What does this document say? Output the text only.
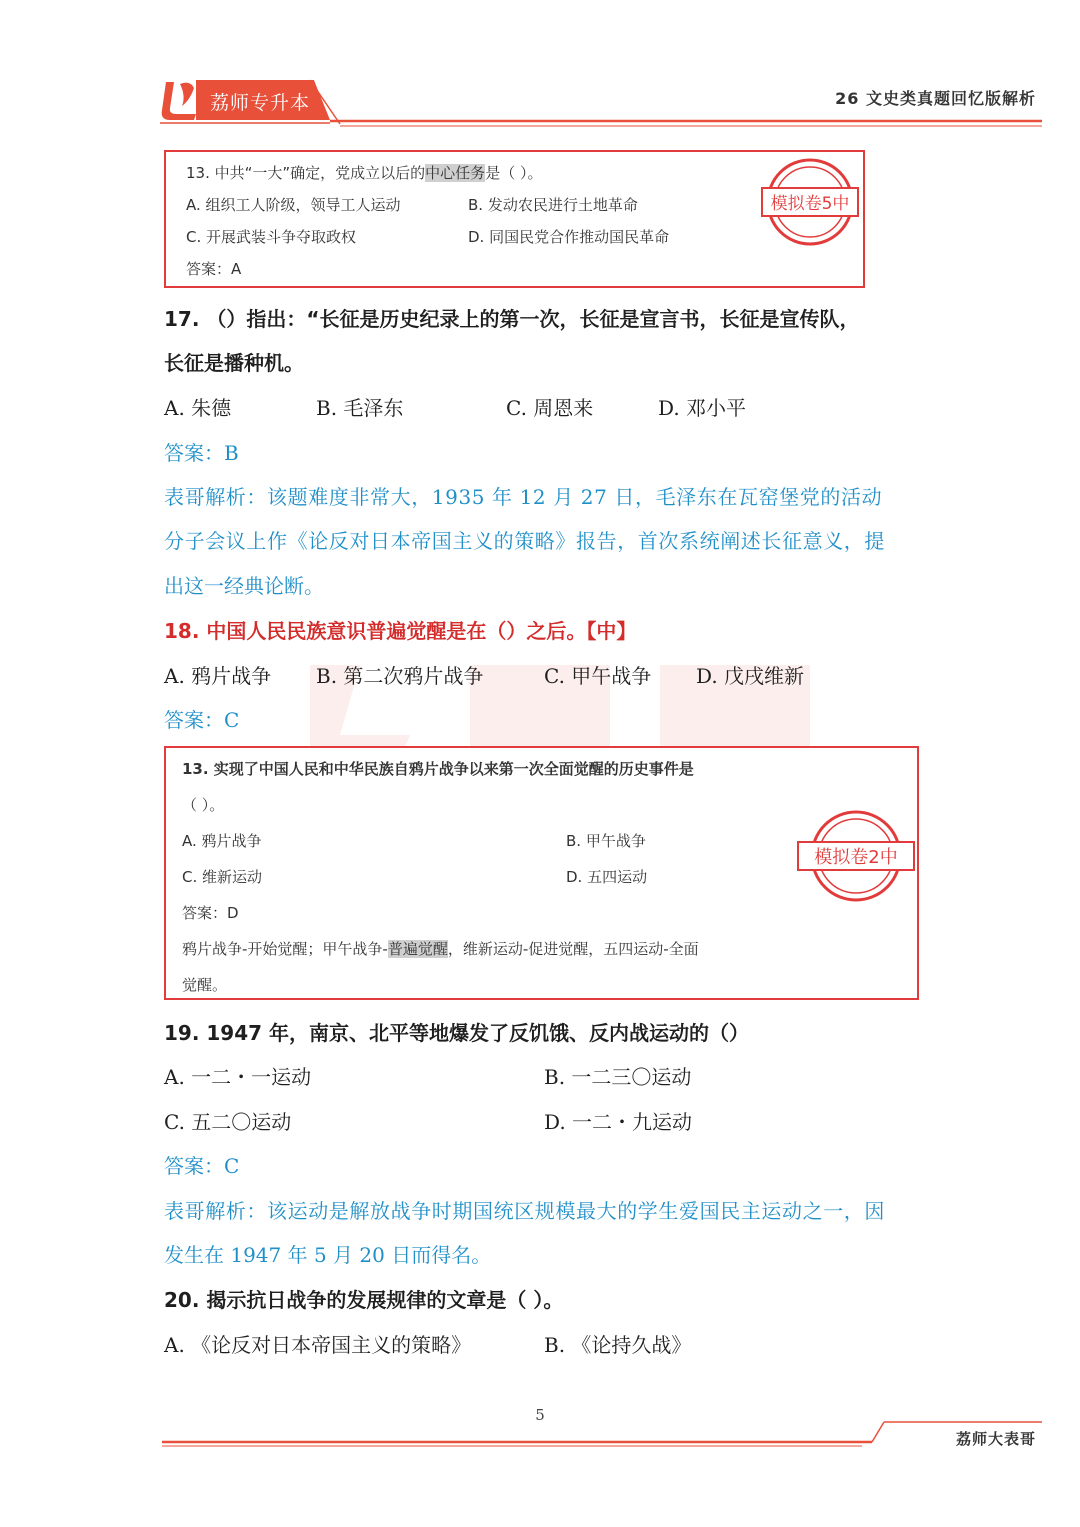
荔师专升本	26 文史类真题回忆版解析
13. 中共“一大”确定，党成立以后的中心任务是（ ）。
A. 组织工人阶级，领导工人运动	B. 发动农民进行土地革命
C. 开展武装斗争夺取政权	D. 同国民党合作推动国民革命
答案：A
模拟卷5中
17. （）指出：“长征是历史纪录上的第一次，长征是宣言书，长征是宣传队，
长征是播种机。
A. 朱德	B. 毛泽东	C. 周恩来	D. 邓小平
答案：B
表哥解析：该题难度非常大，1935 年 12 月 27 日，毛泽东在瓦窑堡党的活动
分子会议上作《论反对日本帝国主义的策略》报告，首次系统阐述长征意义，提
出这一经典论断。
18. 中国人民民族意识普遍觉醒是在（）之后。【中】
A. 鸦片战争 B. 第二次鸦片战争	C. 甲午战争 D. 戊戌维新
答案：C
13. 实现了中国人民和中华民族自鸦片战争以来第一次全面觉醒的历史事件是
（ ）。
A. 鸦片战争	B. 甲午战争
C. 维新运动	D. 五四运动
答案：D
鸦片战争-开始觉醒；甲午战争-普遍觉醒，维新运动-促进觉醒，五四运动-全面
觉醒。
模拟卷2中
19. 1947 年，南京、北平等地爆发了反饥饿、反内战运动的（）
A. 一二・一运动	B. 一二三〇运动
C. 五二〇运动	D. 一二・九运动
答案：C
表哥解析：该运动是解放战争时期国统区规模最大的学生爱国民主运动之一，因
发生在 1947 年 5 月 20 日而得名。
20. 揭示抗日战争的发展规律的文章是（ ）。
A. 《论反对日本帝国主义的策略》	B. 《论持久战》
5
荔师大表哥
